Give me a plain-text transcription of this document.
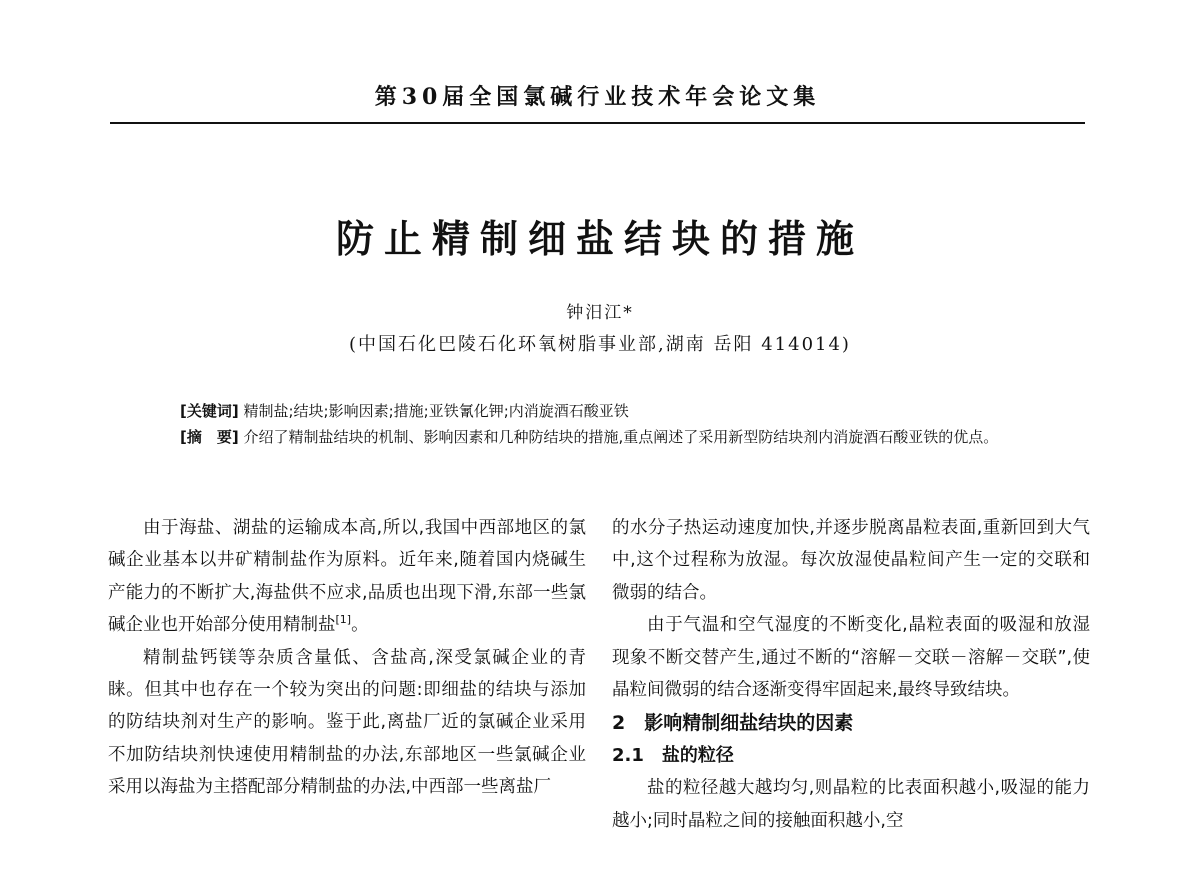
第30届全国氯碱行业技术年会论文集
防止精制细盐结块的措施
钟汨江*
(中国石化巴陵石化环氧树脂事业部,湖南 岳阳 414014)
[关键词] 精制盐;结块;影响因素;措施;亚铁氰化钾;内消旋酒石酸亚铁
[摘　要] 介绍了精制盐结块的机制、影响因素和几种防结块的措施,重点阐述了采用新型防结块剂内消旋酒石酸亚铁的优点。

由于海盐、湖盐的运输成本高,所以,我国中西部地区的氯碱企业基本以井矿精制盐作为原料。近年来,随着国内烧碱生产能力的不断扩大,海盐供不应求,品质也出现下滑,东部一些氯碱企业也开始部分使用精制盐[1]。

精制盐钙镁等杂质含量低、含盐高,深受氯碱企业的青睐。但其中也存在一个较为突出的问题:即细盐的结块与添加的防结块剂对生产的影响。鉴于此,离盐厂近的氯碱企业采用不加防结块剂快速使用精制盐的办法,东部地区一些氯碱企业采用以海盐为主搭配部分精制盐的办法,中西部一些离盐厂

的水分子热运动速度加快,并逐步脱离晶粒表面,重新回到大气中,这个过程称为放湿。每次放湿使晶粒间产生一定的交联和微弱的结合。

由于气温和空气湿度的不断变化,晶粒表面的吸湿和放湿现象不断交替产生,通过不断的“溶解－交联－溶解－交联”,使晶粒间微弱的结合逐渐变得牢固起来,最终导致结块。

2　影响精制细盐结块的因素
2.1　盐的粒径

盐的粒径越大越均匀,则晶粒的比表面积越小,吸湿的能力越小;同时晶粒之间的接触面积越小,空
